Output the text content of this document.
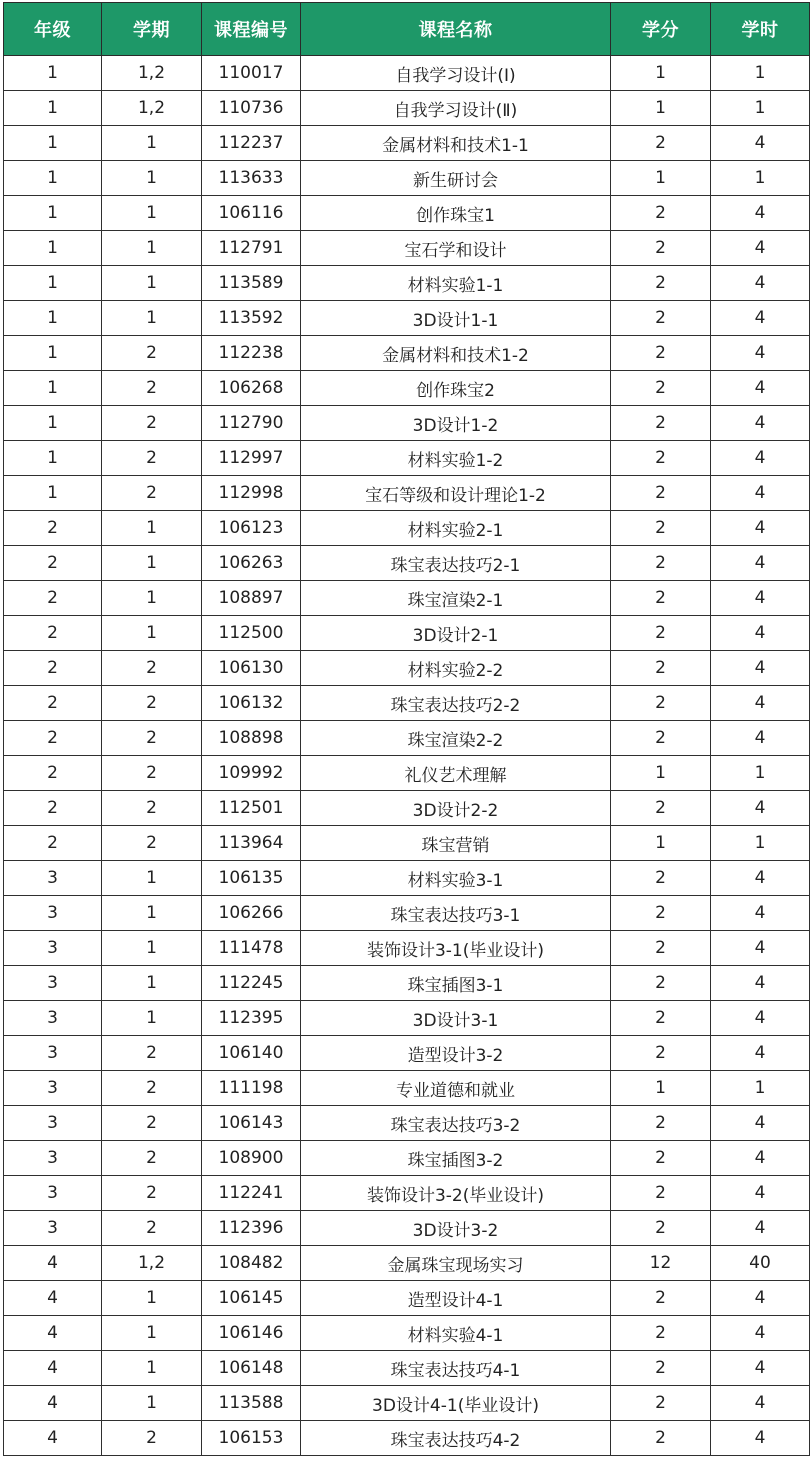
年级	学期	课程编号	课程名称	学分	学时
1	1,2	110017	自我学习设计(Ⅰ)	1	1
1	1,2	110736	自我学习设计(Ⅱ)	1	1
1	1	112237	金属材料和技术1-1	2	4
1	1	113633	新生研讨会	1	1
1	1	106116	创作珠宝1	2	4
1	1	112791	宝石学和设计	2	4
1	1	113589	材料实验1-1	2	4
1	1	113592	3D设计1-1	2	4
1	2	112238	金属材料和技术1-2	2	4
1	2	106268	创作珠宝2	2	4
1	2	112790	3D设计1-2	2	4
1	2	112997	材料实验1-2	2	4
1	2	112998	宝石等级和设计理论1-2	2	4
2	1	106123	材料实验2-1	2	4
2	1	106263	珠宝表达技巧2-1	2	4
2	1	108897	珠宝渲染2-1	2	4
2	1	112500	3D设计2-1	2	4
2	2	106130	材料实验2-2	2	4
2	2	106132	珠宝表达技巧2-2	2	4
2	2	108898	珠宝渲染2-2	2	4
2	2	109992	礼仪艺术理解	1	1
2	2	112501	3D设计2-2	2	4
2	2	113964	珠宝营销	1	1
3	1	106135	材料实验3-1	2	4
3	1	106266	珠宝表达技巧3-1	2	4
3	1	111478	装饰设计3-1(毕业设计)	2	4
3	1	112245	珠宝插图3-1	2	4
3	1	112395	3D设计3-1	2	4
3	2	106140	造型设计3-2	2	4
3	2	111198	专业道德和就业	1	1
3	2	106143	珠宝表达技巧3-2	2	4
3	2	108900	珠宝插图3-2	2	4
3	2	112241	装饰设计3-2(毕业设计)	2	4
3	2	112396	3D设计3-2	2	4
4	1,2	108482	金属珠宝现场实习	12	40
4	1	106145	造型设计4-1	2	4
4	1	106146	材料实验4-1	2	4
4	1	106148	珠宝表达技巧4-1	2	4
4	1	113588	3D设计4-1(毕业设计)	2	4
4	2	106153	珠宝表达技巧4-2	2	4
